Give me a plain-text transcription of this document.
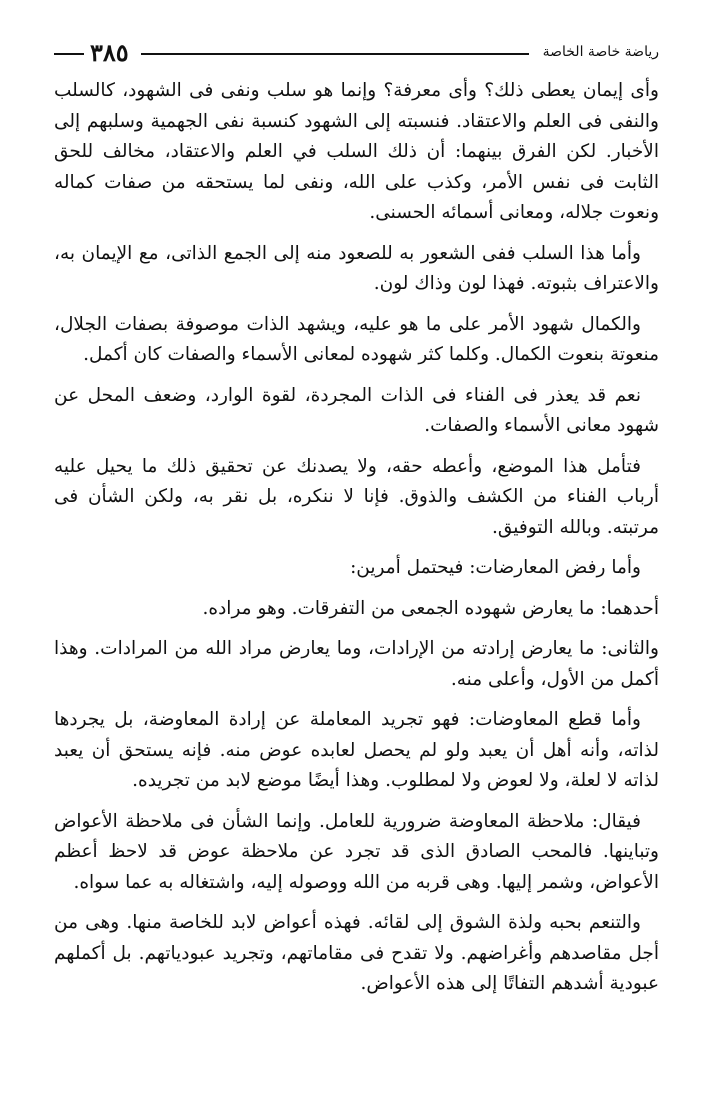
رياضة خاصة الخاصة
٣٨٥

وأى إيمان يعطى ذلك؟ وأى معرفة؟ وإنما هو سلب ونفى فى الشهود، كالسلب والنفى فى العلم والاعتقاد. فنسبته إلى الشهود كنسبة نفى الجهمية وسلبهم إلى الأخبار. لكن الفرق بينهما: أن ذلك السلب في العلم والاعتقاد، مخالف للحق الثابت فى نفس الأمر، وكذب على الله، ونفى لما يستحقه من صفات كماله ونعوت جلاله، ومعانى أسمائه الحسنى.

وأما هذا السلب ففى الشعور به للصعود منه إلى الجمع الذاتى، مع الإيمان به، والاعتراف بثبوته. فهذا لون وذاك لون.

والكمال شهود الأمر على ما هو عليه، ويشهد الذات موصوفة بصفات الجلال، منعوتة بنعوت الكمال. وكلما كثر شهوده لمعانى الأسماء والصفات كان أكمل.

نعم قد يعذر فى الفناء فى الذات المجردة، لقوة الوارد، وضعف المحل عن شهود معانى الأسماء والصفات.

فتأمل هذا الموضع، وأعطه حقه، ولا يصدنك عن تحقيق ذلك ما يحيل عليه أرباب الفناء من الكشف والذوق. فإنا لا ننكره، بل نقر به، ولكن الشأن فى مرتبته. وبالله التوفيق.

وأما رفض المعارضات: فيحتمل أمرين:

أحدهما: ما يعارض شهوده الجمعى من التفرقات. وهو مراده.

والثانى: ما يعارض إرادته من الإرادات، وما يعارض مراد الله من المرادات. وهذا أكمل من الأول، وأعلى منه.

وأما قطع المعاوضات: فهو تجريد المعاملة عن إرادة المعاوضة، بل يجردها لذاته، وأنه أهل أن يعبد ولو لم يحصل لعابده عوض منه. فإنه يستحق أن يعبد لذاته لا لعلة، ولا لعوض ولا لمطلوب. وهذا أيضًا موضع لابد من تجريده.

فيقال: ملاحظة المعاوضة ضرورية للعامل. وإنما الشأن فى ملاحظة الأعواض وتباينها. فالمحب الصادق الذى قد تجرد عن ملاحظة عوض قد لاحظ أعظم الأعواض، وشمر إليها. وهى قربه من الله ووصوله إليه، واشتغاله به عما سواه.

والتنعم بحبه ولذة الشوق إلى لقائه. فهذه أعواض لابد للخاصة منها. وهى من أجل مقاصدهم وأغراضهم. ولا تقدح فى مقاماتهم، وتجريد عبودياتهم. بل أكملهم عبودية أشدهم التفاتًا إلى هذه الأعواض.
